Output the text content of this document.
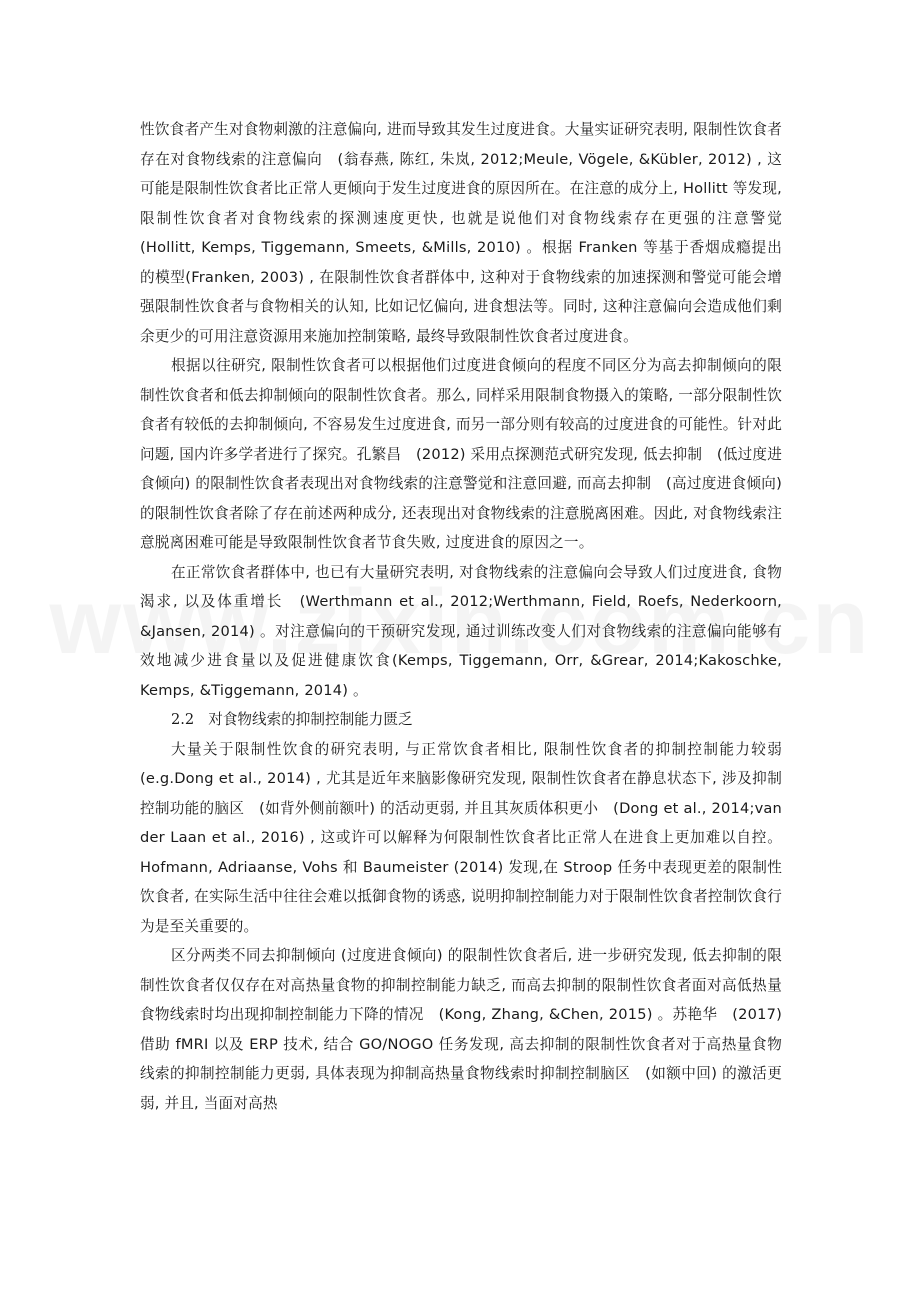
性饮食者产生对食物刺激的注意偏向, 进而导致其发生过度进食。大量实证研究表明, 限制性饮食者存在对食物线索的注意偏向　(翁春燕, 陈红, 朱岚, 2012;Meule, Vögele, &Kübler, 2012) , 这可能是限制性饮食者比正常人更倾向于发生过度进食的原因所在。在注意的成分上, Hollitt 等发现, 限制性饮食者对食物线索的探测速度更快, 也就是说他们对食物线索存在更强的注意警觉　(Hollitt, Kemps, Tiggemann, Smeets, &Mills, 2010) 。根据 Franken 等基于香烟成瘾提出的模型(Franken, 2003) , 在限制性饮食者群体中, 这种对于食物线索的加速探测和警觉可能会增强限制性饮食者与食物相关的认知, 比如记忆偏向, 进食想法等。同时, 这种注意偏向会造成他们剩余更少的可用注意资源用来施加控制策略, 最终导致限制性饮食者过度进食。

根据以往研究, 限制性饮食者可以根据他们过度进食倾向的程度不同区分为高去抑制倾向的限制性饮食者和低去抑制倾向的限制性饮食者。那么, 同样采用限制食物摄入的策略, 一部分限制性饮食者有较低的去抑制倾向, 不容易发生过度进食, 而另一部分则有较高的过度进食的可能性。针对此问题, 国内许多学者进行了探究。孔繁昌　(2012) 采用点探测范式研究发现, 低去抑制　(低过度进食倾向) 的限制性饮食者表现出对食物线索的注意警觉和注意回避, 而高去抑制　(高过度进食倾向) 的限制性饮食者除了存在前述两种成分, 还表现出对食物线索的注意脱离困难。因此, 对食物线索注意脱离困难可能是导致限制性饮食者节食失败, 过度进食的原因之一。

在正常饮食者群体中, 也已有大量研究表明, 对食物线索的注意偏向会导致人们过度进食, 食物渴求, 以及体重增长　(Werthmann et al., 2012;Werthmann, Field, Roefs, Nederkoorn, &Jansen, 2014) 。对注意偏向的干预研究发现, 通过训练改变人们对食物线索的注意偏向能够有效地减少进食量以及促进健康饮食(Kemps, Tiggemann, Orr, &Grear, 2014;Kakoschke, Kemps, &Tiggemann, 2014) 。

2.2 对食物线索的抑制控制能力匮乏

大量关于限制性饮食的研究表明, 与正常饮食者相比, 限制性饮食者的抑制控制能力较弱　(e.g.Dong et al., 2014) , 尤其是近年来脑影像研究发现, 限制性饮食者在静息状态下, 涉及抑制控制功能的脑区　(如背外侧前额叶) 的活动更弱, 并且其灰质体积更小　(Dong et al., 2014;van der Laan et al., 2016) , 这或许可以解释为何限制性饮食者比正常人在进食上更加难以自控。Hofmann, Adriaanse, Vohs 和 Baumeister (2014) 发现,在 Stroop 任务中表现更差的限制性饮食者, 在实际生活中往往会难以抵御食物的诱惑, 说明抑制控制能力对于限制性饮食者控制饮食行为是至关重要的。

区分两类不同去抑制倾向 (过度进食倾向) 的限制性饮食者后, 进一步研究发现, 低去抑制的限制性饮食者仅仅存在对高热量食物的抑制控制能力缺乏, 而高去抑制的限制性饮食者面对高低热量食物线索时均出现抑制控制能力下降的情况　(Kong, Zhang, &Chen, 2015) 。苏艳华　(2017) 借助 fMRI 以及 ERP 技术, 结合 GO/NOGO 任务发现, 高去抑制的限制性饮食者对于高热量食物线索的抑制控制能力更弱, 具体表现为抑制高热量食物线索时抑制控制脑区　(如额中回) 的激活更弱, 并且, 当面对高热
